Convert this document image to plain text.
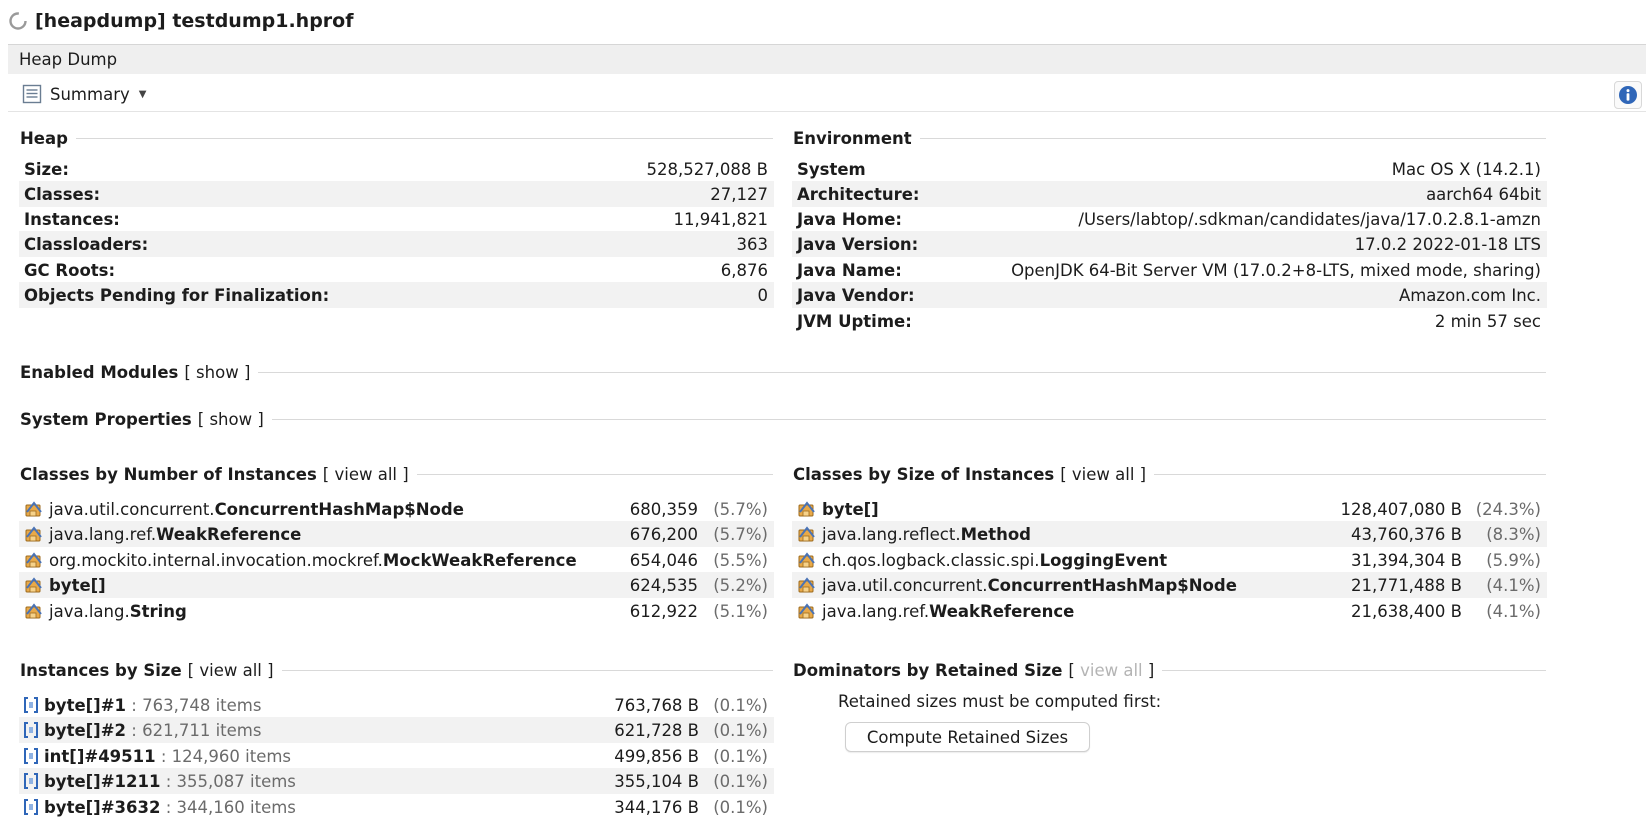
[heapdump] testdump1.hprof
Heap Dump
Summary ▼
Heap
Size:	528,527,088 B
Classes:	27,127
Instances:	11,941,821
Classloaders:	363
GC Roots:	6,876
Objects Pending for Finalization:	0
Environment
System	Mac OS X (14.2.1)
Architecture:	aarch64 64bit
Java Home:	/Users/labtop/.sdkman/candidates/java/17.0.2.8.1-amzn
Java Version:	17.0.2 2022-01-18 LTS
Java Name:	OpenJDK 64-Bit Server VM (17.0.2+8-LTS, mixed mode, sharing)
Java Vendor:	Amazon.com Inc.
JVM Uptime:	2 min 57 sec
Enabled Modules [ show ]
System Properties [ show ]
Classes by Number of Instances [ view all ]
java.util.concurrent.ConcurrentHashMap$Node	680,359 (5.7%)
java.lang.ref.WeakReference	676,200 (5.7%)
org.mockito.internal.invocation.mockref.MockWeakReference	654,046 (5.5%)
byte[]	624,535 (5.2%)
java.lang.String	612,922 (5.1%)
Classes by Size of Instances [ view all ]
byte[]	128,407,080 B (24.3%)
java.lang.reflect.Method	43,760,376 B (8.3%)
ch.qos.logback.classic.spi.LoggingEvent	31,394,304 B (5.9%)
java.util.concurrent.ConcurrentHashMap$Node	21,771,488 B (4.1%)
java.lang.ref.WeakReference	21,638,400 B (4.1%)
Instances by Size [ view all ]
byte[]#1 : 763,748 items	763,768 B (0.1%)
byte[]#2 : 621,711 items	621,728 B (0.1%)
int[]#49511 : 124,960 items	499,856 B (0.1%)
byte[]#1211 : 355,087 items	355,104 B (0.1%)
byte[]#3632 : 344,160 items	344,176 B (0.1%)
Dominators by Retained Size [ view all ]
Retained sizes must be computed first:
Compute Retained Sizes
